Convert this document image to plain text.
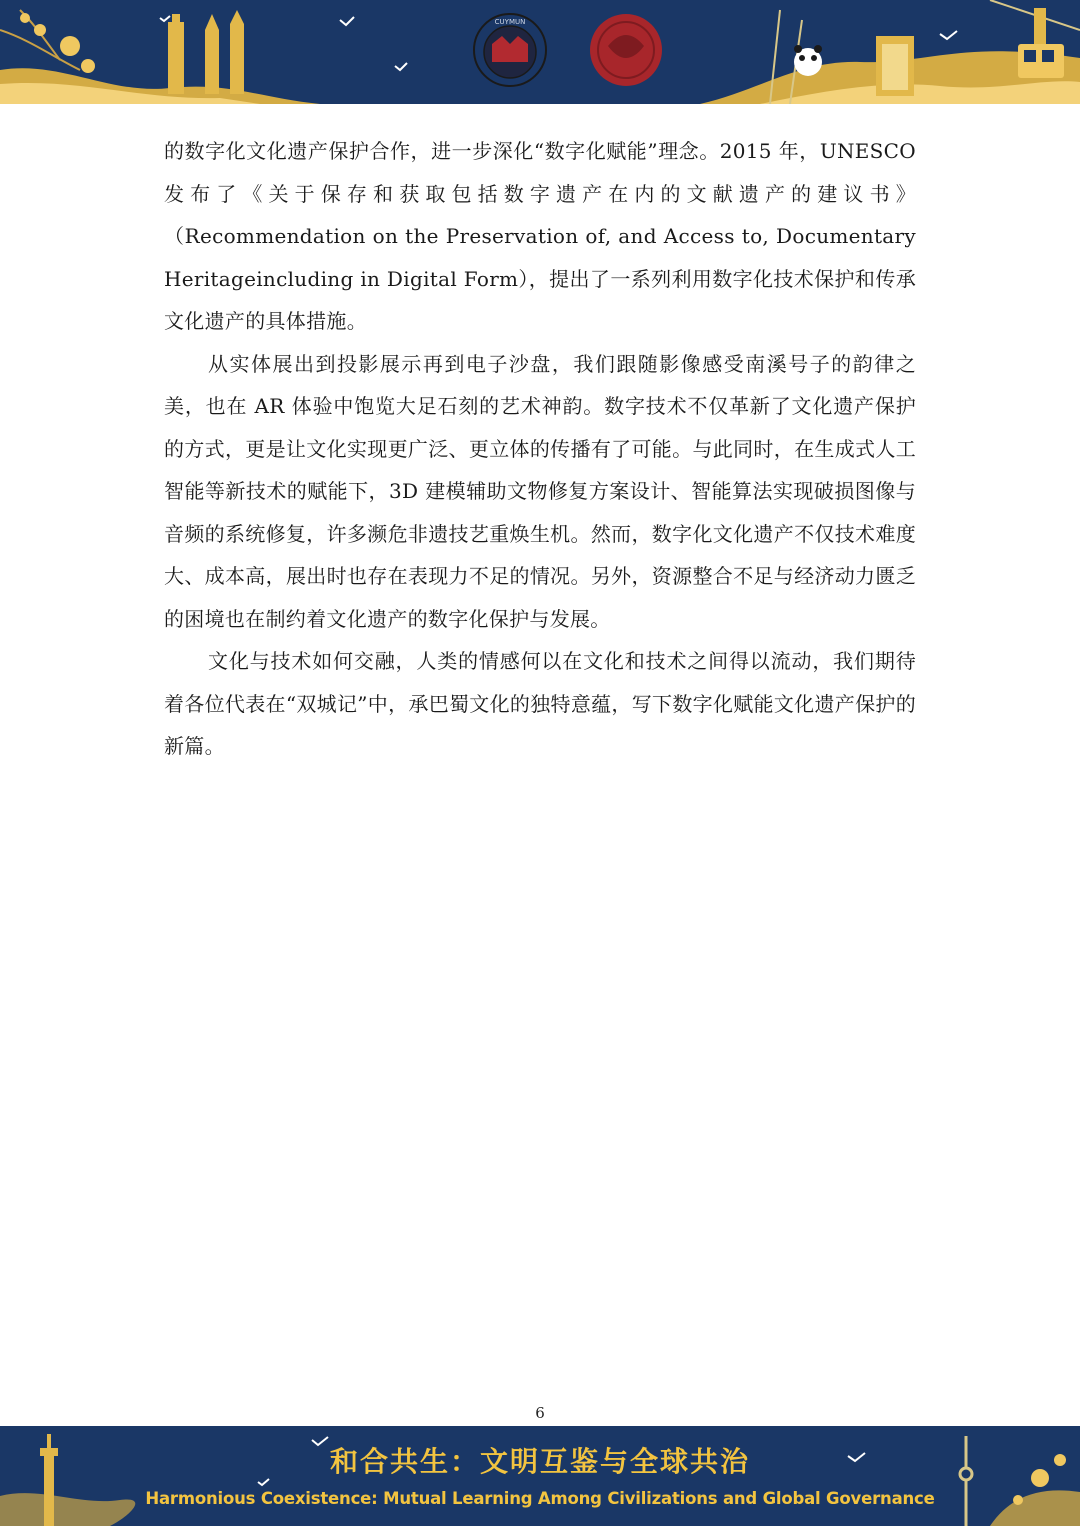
CUYMUN

的数字化文化遗产保护合作，进一步深化“数字化赋能”理念。2015 年，UNESCO发布了《关于保存和获取包括数字遗产在内的文献遗产的建议书》（Recommendation on the Preservation of, and Access to, Documentary Heritageincluding in Digital Form），提出了一系列利用数字化技术保护和传承文化遗产的具体措施。

从实体展出到投影展示再到电子沙盘，我们跟随影像感受南溪号子的韵律之美，也在 AR 体验中饱览大足石刻的艺术神韵。数字技术不仅革新了文化遗产保护的方式，更是让文化实现更广泛、更立体的传播有了可能。与此同时，在生成式人工智能等新技术的赋能下，3D 建模辅助文物修复方案设计、智能算法实现破损图像与音频的系统修复，许多濒危非遗技艺重焕生机。然而，数字化文化遗产不仅技术难度大、成本高，展出时也存在表现力不足的情况。另外，资源整合不足与经济动力匮乏的困境也在制约着文化遗产的数字化保护与发展。

文化与技术如何交融，人类的情感何以在文化和技术之间得以流动，我们期待着各位代表在“双城记”中，承巴蜀文化的独特意蕴，写下数字化赋能文化遗产保护的新篇。

6
和合共生：文明互鉴与全球共治
Harmonious Coexistence: Mutual Learning Among Civilizations and Global Governance
